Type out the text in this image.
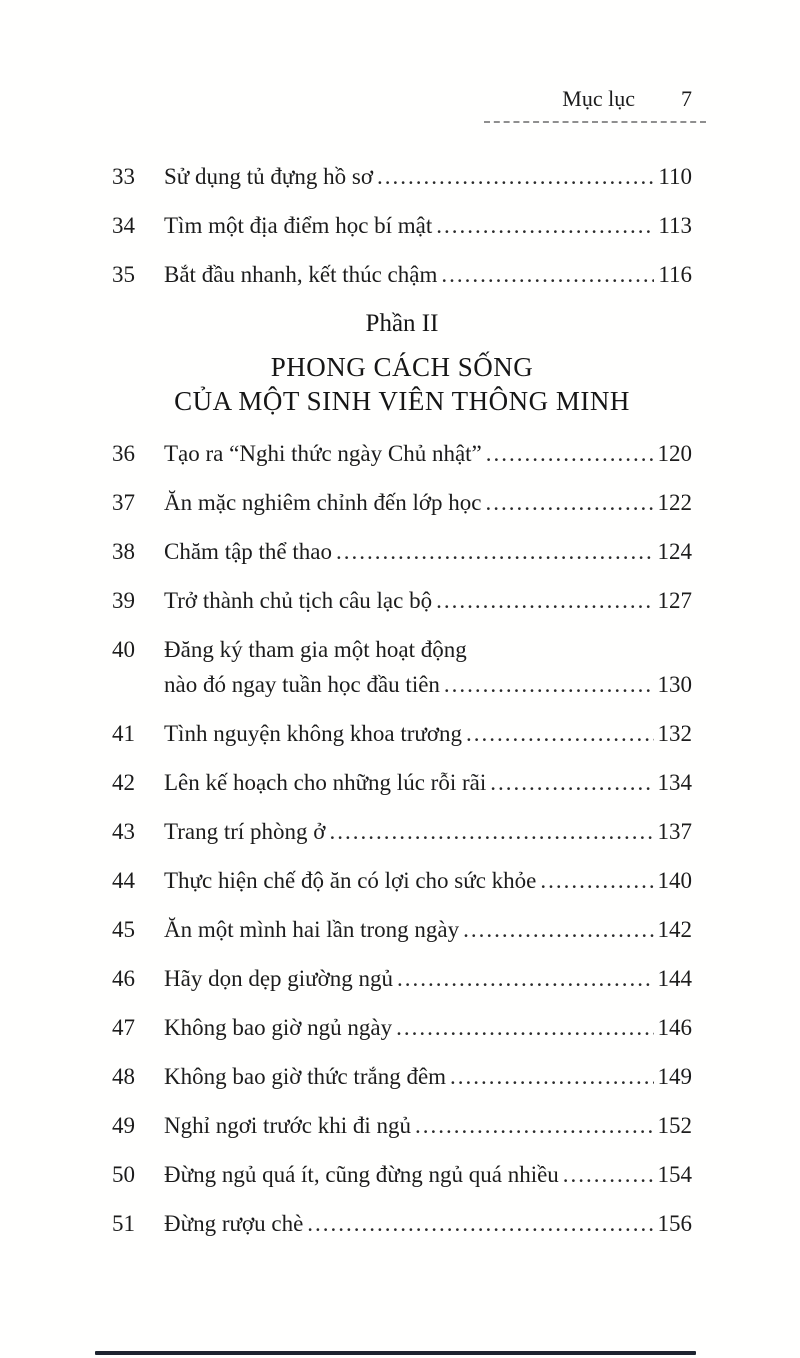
Mục lục 7
33	Sử dụng tủ đựng hồ sơ .....	110
34	Tìm một địa điểm học bí mật .....	113
35	Bắt đầu nhanh, kết thúc chậm .....	116
Phần II
PHONG CÁCH SỐNG
CỦA MỘT SINH VIÊN THÔNG MINH
36	Tạo ra “Nghi thức ngày Chủ nhật” .....	120
37	Ăn mặc nghiêm chỉnh đến lớp học .....	122
38	Chăm tập thể thao .....	124
39	Trở thành chủ tịch câu lạc bộ .....	127
40	Đăng ký tham gia một hoạt động
nào đó ngay tuần học đầu tiên .....	130
41	Tình nguyện không khoa trương .....	132
42	Lên kế hoạch cho những lúc rỗi rãi .....	134
43	Trang trí phòng ở .....	137
44	Thực hiện chế độ ăn có lợi cho sức khỏe .....	140
45	Ăn một mình hai lần trong ngày .....	142
46	Hãy dọn dẹp giường ngủ .....	144
47	Không bao giờ ngủ ngày .....	146
48	Không bao giờ thức trắng đêm .....	149
49	Nghỉ ngơi trước khi đi ngủ .....	152
50	Đừng ngủ quá ít, cũng đừng ngủ quá nhiều .....	154
51	Đừng rượu chè .....	156
